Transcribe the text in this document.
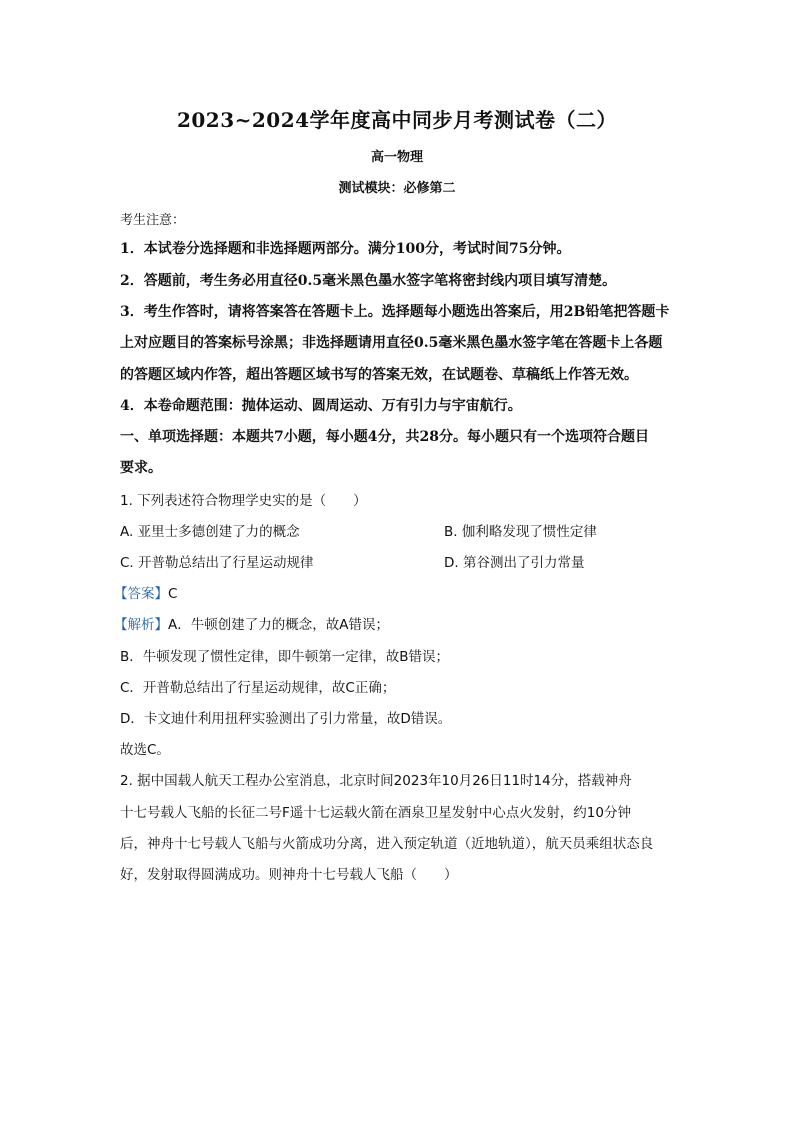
2023~2024学年度高中同步月考测试卷（二）
高一物理
测试模块：必修第二
考生注意：
1．本试卷分选择题和非选择题两部分。满分100分，考试时间75分钟。
2．答题前，考生务必用直径0.5毫米黑色墨水签字笔将密封线内项目填写清楚。
3．考生作答时，请将答案答在答题卡上。选择题每小题选出答案后，用2B铅笔把答题卡
上对应题目的答案标号涂黑；非选择题请用直径0.5毫米黑色墨水签字笔在答题卡上各题
的答题区域内作答，超出答题区域书写的答案无效，在试题卷、草稿纸上作答无效。
4．本卷命题范围：抛体运动、圆周运动、万有引力与宇宙航行。
一、单项选择题：本题共7小题，每小题4分，共28分。每小题只有一个选项符合题目
要求。
1. 下列表述符合物理学史实的是（　　）
A. 亚里士多德创建了力的概念	B. 伽利略发现了惯性定律
C. 开普勒总结出了行星运动规律	D. 第谷测出了引力常量
【答案】C
【解析】A．牛顿创建了力的概念，故A错误；
B．牛顿发现了惯性定律，即牛顿第一定律，故B错误；
C．开普勒总结出了行星运动规律，故C正确；
D．卡文迪什利用扭秤实验测出了引力常量，故D错误。
故选C。
2. 据中国载人航天工程办公室消息，北京时间2023年10月26日11时14分，搭载神舟
十七号载人飞船的长征二号F遥十七运载火箭在酒泉卫星发射中心点火发射，约10分钟
后，神舟十七号载人飞船与火箭成功分离，进入预定轨道（近地轨道），航天员乘组状态良
好，发射取得圆满成功。则神舟十七号载人飞船（　　）
